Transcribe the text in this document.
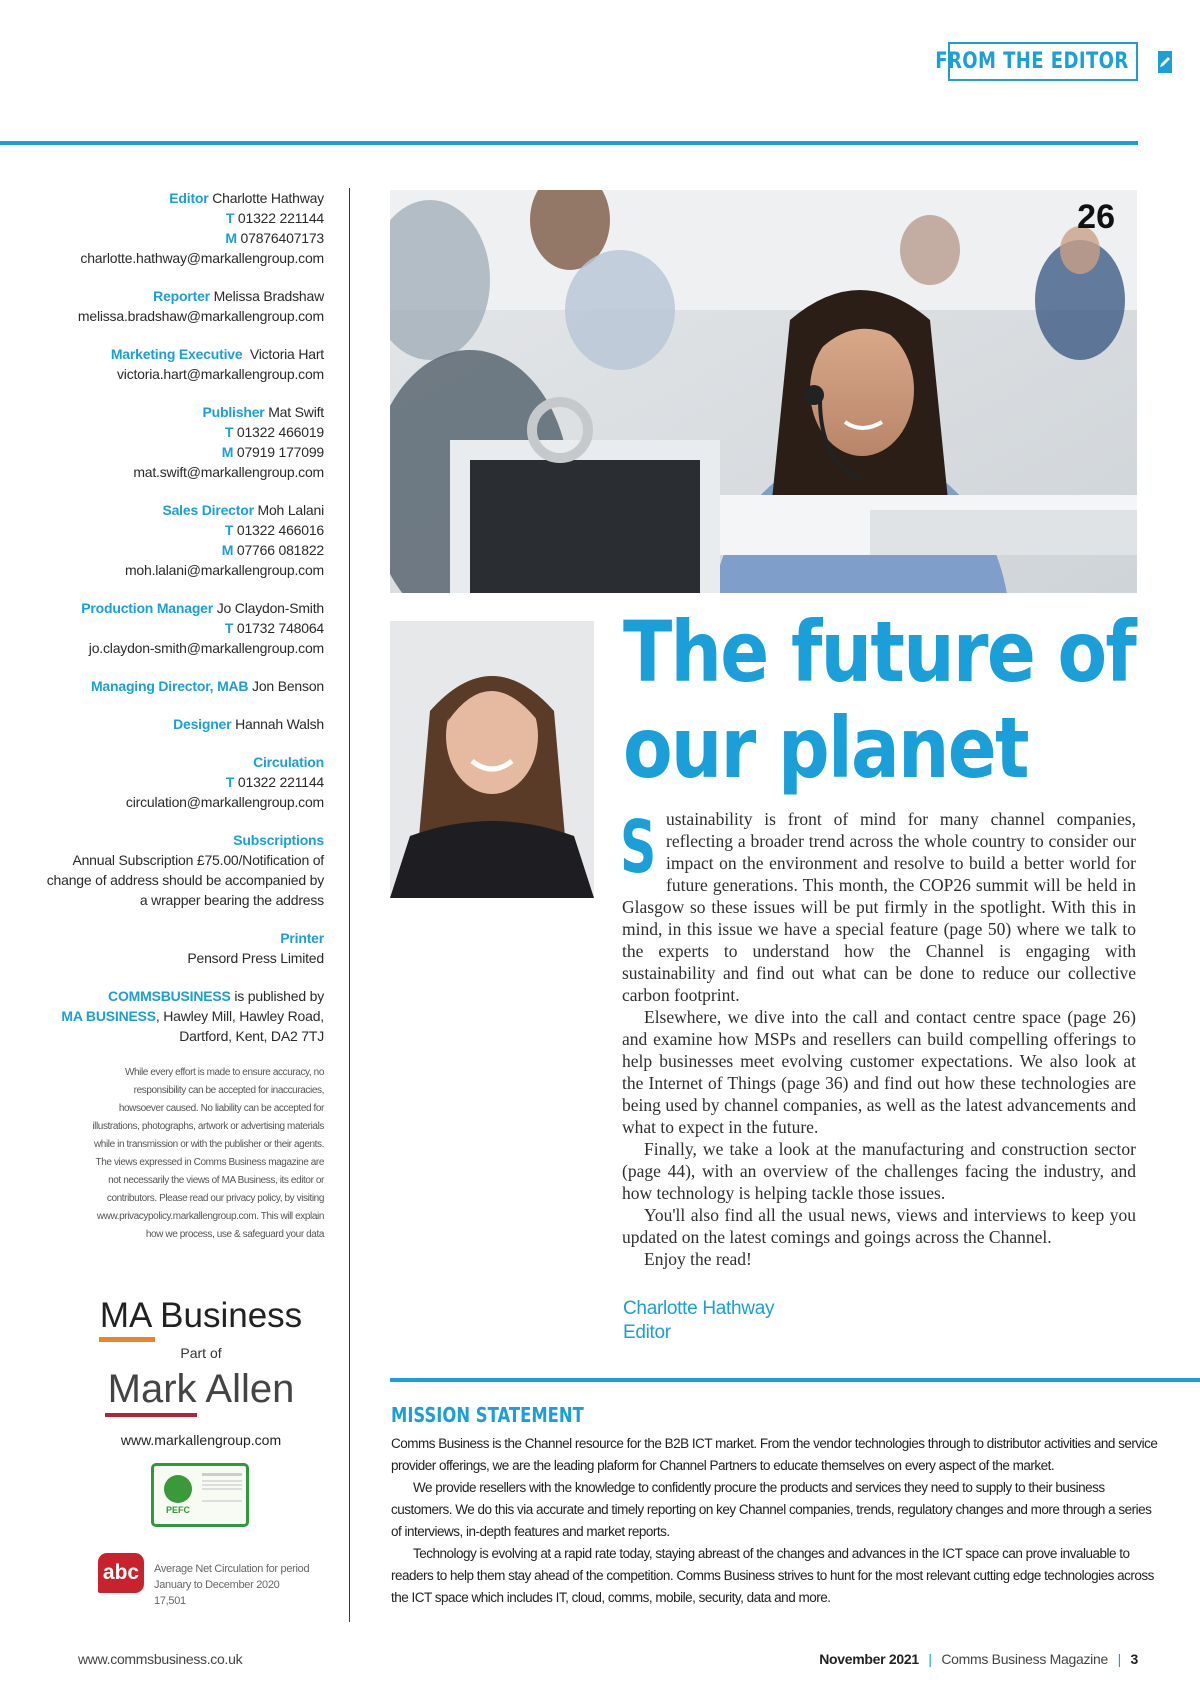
FROM THE EDITOR
Editor Charlotte Hathway
T 01322 221144
M 07876407173
charlotte.hathway@markallengroup.com
Reporter Melissa Bradshaw
melissa.bradshaw@markallengroup.com
Marketing Executive  Victoria Hart
victoria.hart@markallengroup.com
Publisher Mat Swift
T 01322 466019
M 07919 177099
mat.swift@markallengroup.com
Sales Director Moh Lalani
T 01322 466016
M 07766 081822
moh.lalani@markallengroup.com
Production Manager Jo Claydon-Smith
T 01732 748064
jo.claydon-smith@markallengroup.com
Managing Director, MAB Jon Benson
Designer Hannah Walsh
Circulation
T 01322 221144
circulation@markallengroup.com
Subscriptions
Annual Subscription £75.00/Notification of
change of address should be accompanied by
a wrapper bearing the address
Printer
Pensord Press Limited
COMMSBUSINESS is published by
MA BUSINESS, Hawley Mill, Hawley Road,
Dartford, Kent, DA2 7TJ
While every effort is made to ensure accuracy, no
responsibility can be accepted for inaccuracies,
howsoever caused. No liability can be accepted for
illustrations, photographs, artwork or advertising materials
while in transmission or with the publisher or their agents.
The views expressed in Comms Business magazine are
not necessarily the views of MA Business, its editor or
contributors. Please read our privacy policy, by visiting
www.privacypolicy.markallengroup.com. This will explain
how we process, use & safeguard your data
MA Business
Part of
Mark Allen
www.markallengroup.com
PEFC
abc	Average Net Circulation for period January to December 2020 17,501
26
The future of
our planet

Sustainability is front of mind for many channel companies, reflecting a broader trend across the whole country to consider our impact on the environment and resolve to build a better world for future generations. This month, the COP26 summit will be held in Glasgow so these issues will be put firmly in the spotlight. With this in mind, in this issue we have a special feature (page 50) where we talk to the experts to understand how the Channel is engaging with sustainability and find out what can be done to reduce our collective carbon footprint.

Elsewhere, we dive into the call and contact centre space (page 26) and examine how MSPs and resellers can build compelling offerings to help businesses meet evolving customer expectations. We also look at the Internet of Things (page 36) and find out how these technologies are being used by channel companies, as well as the latest advancements and what to expect in the future.

Finally, we take a look at the manufacturing and construction sector (page 44), with an overview of the challenges facing the industry, and how technology is helping tackle those issues.

You'll also find all the usual news, views and interviews to keep you updated on the latest comings and goings across the Channel.

Enjoy the read!

Charlotte Hathway
Editor
MISSION STATEMENT

Comms Business is the Channel resource for the B2B ICT market. From the vendor technologies through to distributor activities and service provider offerings, we are the leading plaform for Channel Partners to educate themselves on every aspect of the market.

We provide resellers with the knowledge to confidently procure the products and services they need to supply to their business customers. We do this via accurate and timely reporting on key Channel companies, trends, regulatory changes and more through a series of interviews, in-depth features and market reports.

Technology is evolving at a rapid rate today, staying abreast of the changes and advances in the ICT space can prove invaluable to readers to help them stay ahead of the competition. Comms Business strives to hunt for the most relevant cutting edge technologies across the ICT space which includes IT, cloud, comms, mobile, security, data and more.

www.commsbusiness.co.uk	November 2021 | Comms Business Magazine | 3
